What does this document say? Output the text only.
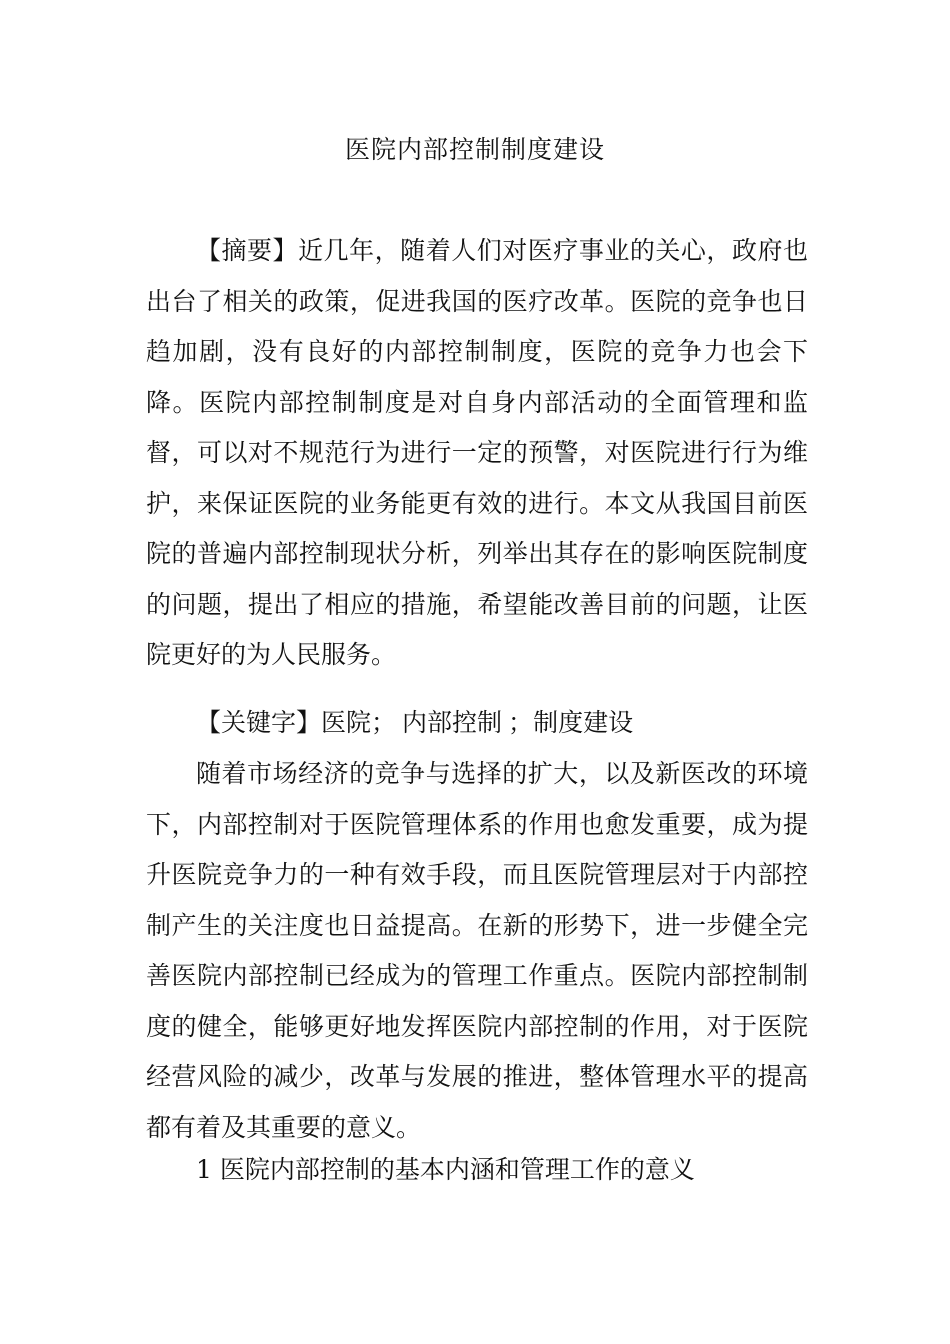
医院内部控制制度建设
【摘要】近几年，随着人们对医疗事业的关心，政府也出台了相关的政策，促进我国的医疗改革。医院的竞争也日趋加剧，没有良好的内部控制制度，医院的竞争力也会下降。医院内部控制制度是对自身内部活动的全面管理和监督，可以对不规范行为进行一定的预警，对医院进行行为维护，来保证医院的业务能更有效的进行。本文从我国目前医院的普遍内部控制现状分析，列举出其存在的影响医院制度的问题，提出了相应的措施，希望能改善目前的问题，让医院更好的为人民服务。
【关键字】医院； 内部控制 ；制度建设
随着市场经济的竞争与选择的扩大，以及新医改的环境下，内部控制对于医院管理体系的作用也愈发重要，成为提升医院竞争力的一种有效手段，而且医院管理层对于内部控制产生的关注度也日益提高。在新的形势下，进一步健全完善医院内部控制已经成为的管理工作重点。医院内部控制制度的健全，能够更好地发挥医院内部控制的作用，对于医院经营风险的减少，改革与发展的推进，整体管理水平的提高都有着及其重要的意义。
1 医院内部控制的基本内涵和管理工作的意义
